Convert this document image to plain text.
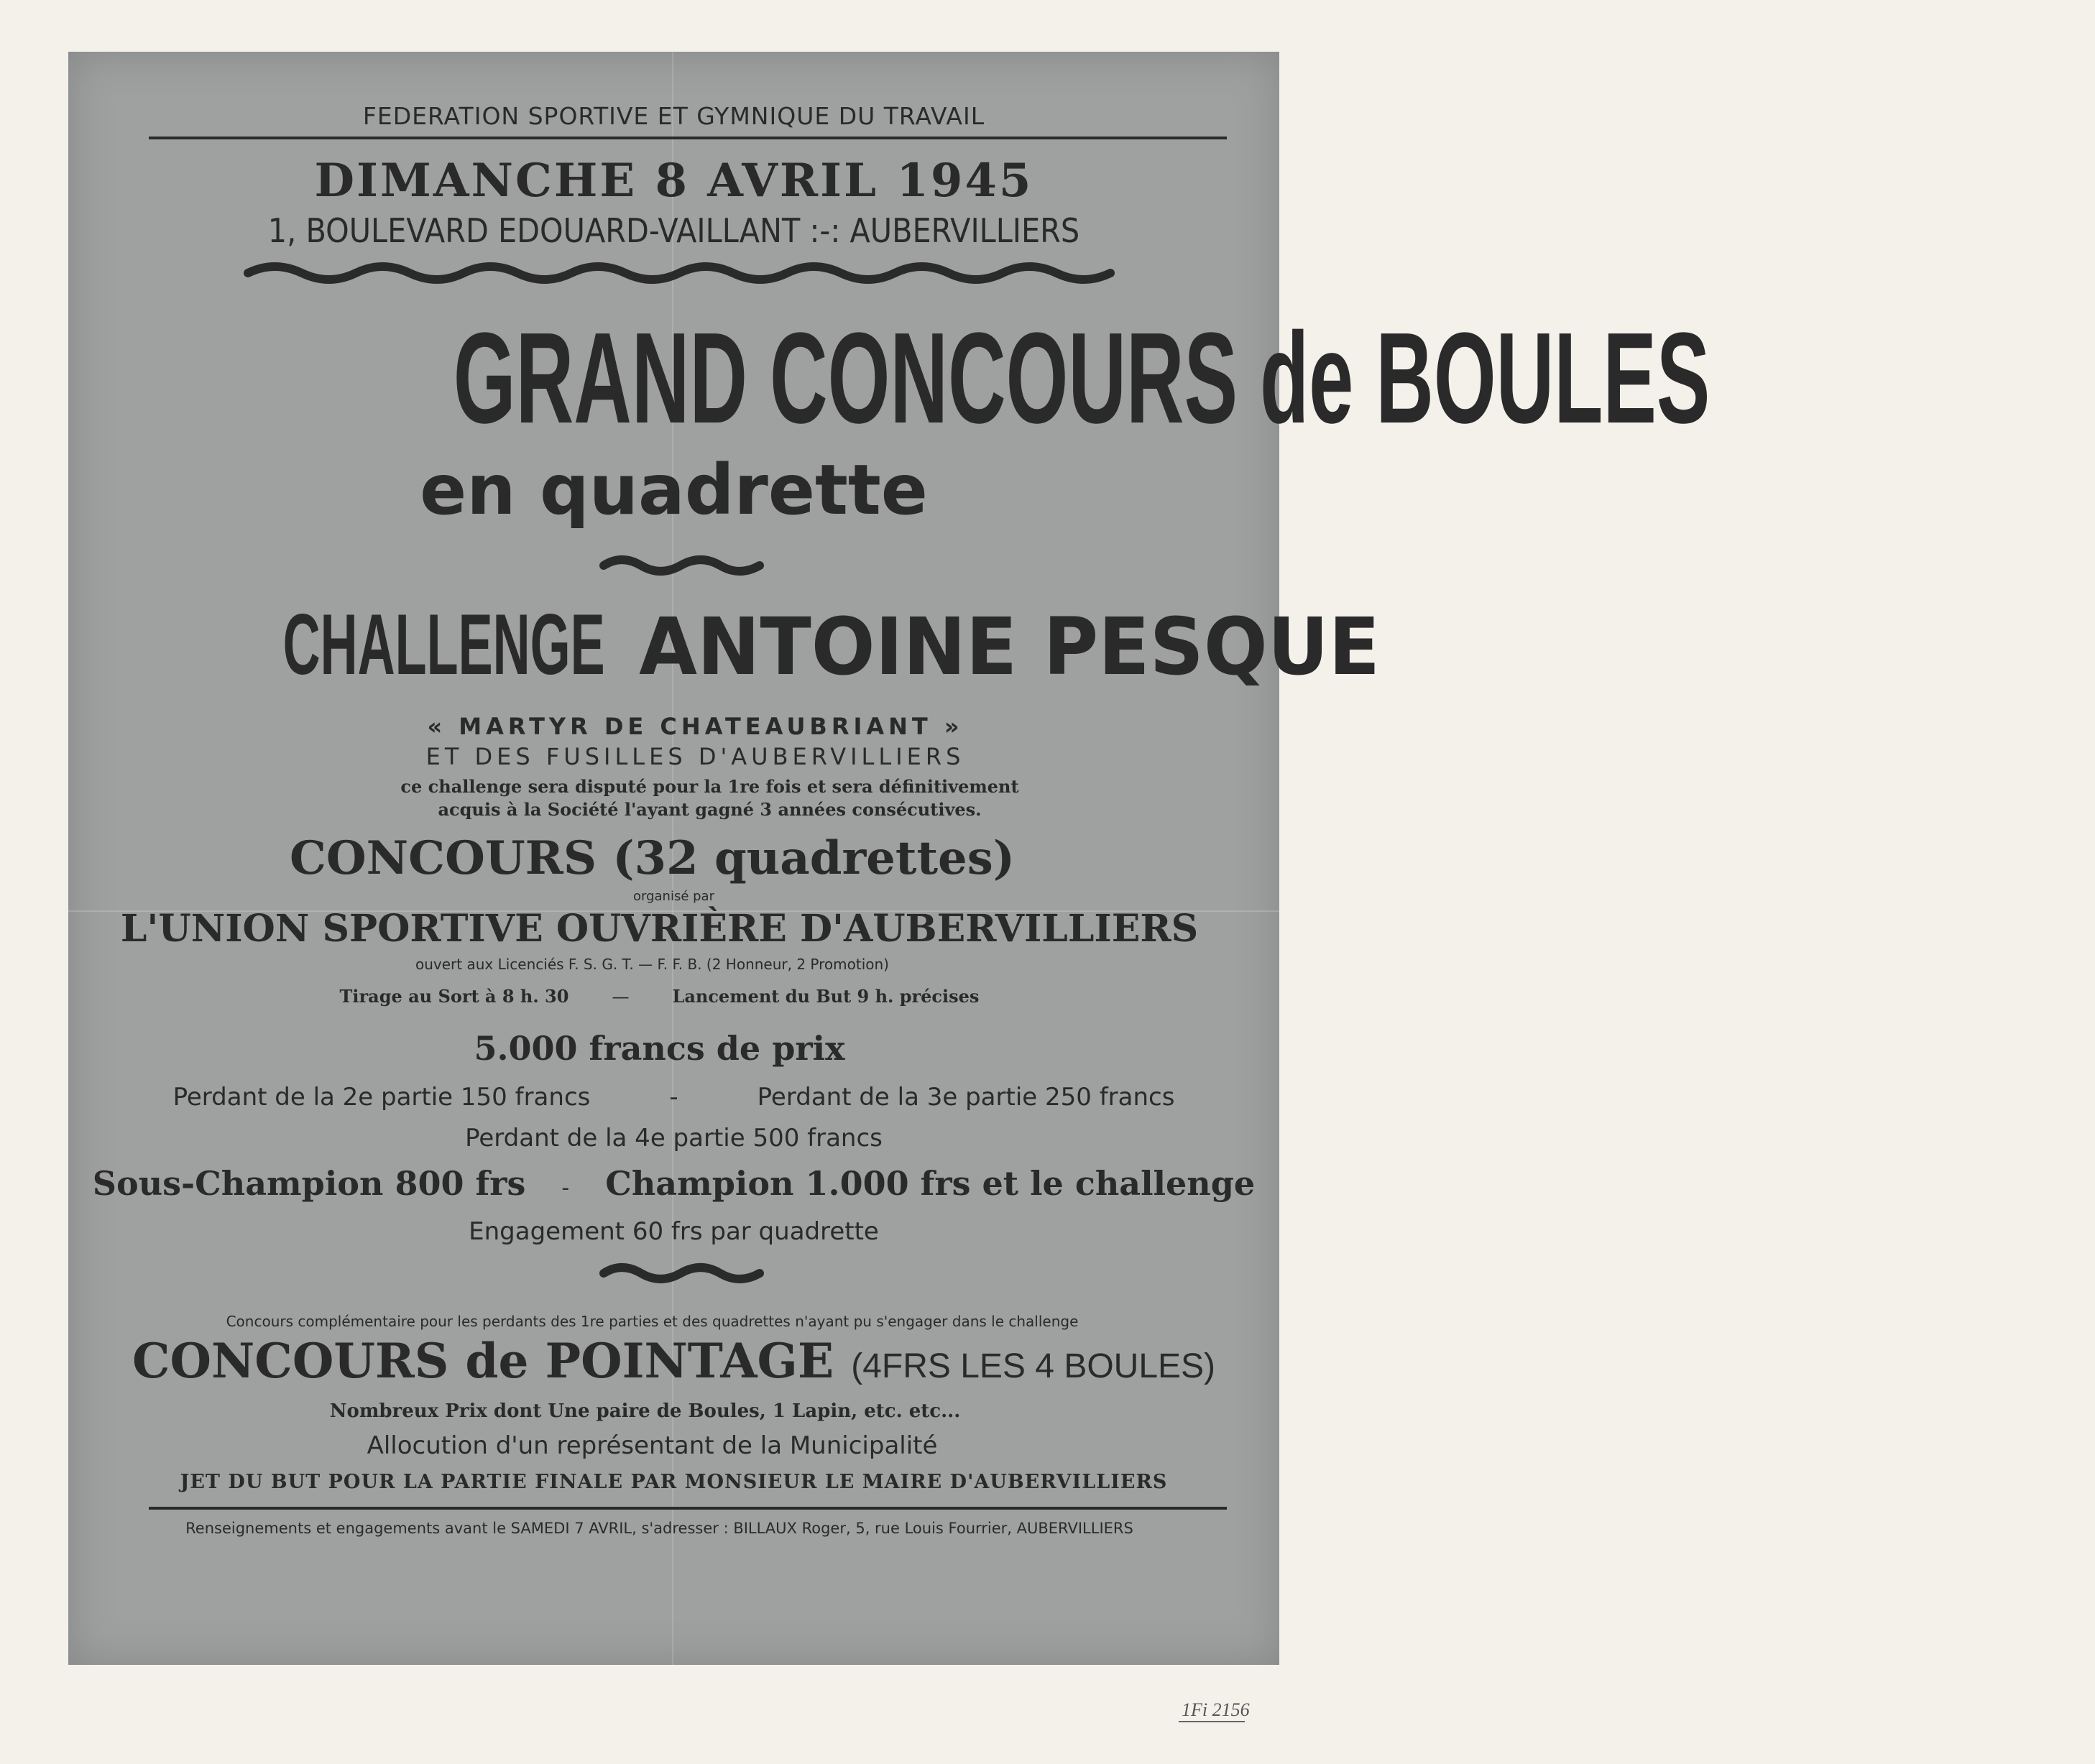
FEDERATION SPORTIVE ET GYMNIQUE DU TRAVAIL
DIMANCHE 8 AVRIL 1945
1, BOULEVARD EDOUARD-VAILLANT :-: AUBERVILLIERS
GRAND CONCOURS de BOULES
en quadrette
CHALLENGE ANTOINE PESQUE
« MARTYR DE CHATEAUBRIANT »
ET DES FUSILLES D'AUBERVILLIERS
ce challenge sera disputé pour la 1re fois et sera définitivement
acquis à la Société l'ayant gagné 3 années consécutives.
CONCOURS (32 quadrettes)
organisé par
L'UNION SPORTIVE OUVRIÈRE D'AUBERVILLIERS
ouvert aux Licenciés F. S. G. T. — F. F. B. (2 Honneur, 2 Promotion)
Tirage au Sort à 8 h. 30	—	Lancement du But 9 h. précises
5.000 francs de prix
Perdant de la 2e partie 150 francs	-	Perdant de la 3e partie 250 francs
Perdant de la 4e partie 500 francs
Sous-Champion 800 frs - Champion 1.000 frs et le challenge
Engagement 60 frs par quadrette
Concours complémentaire pour les perdants des 1re parties et des quadrettes n'ayant pu s'engager dans le challenge
CONCOURS de POINTAGE (4FRS LES 4 BOULES)
Nombreux Prix dont Une paire de Boules, 1 Lapin, etc. etc...
Allocution d'un représentant de la Municipalité
JET DU BUT POUR LA PARTIE FINALE PAR MONSIEUR LE MAIRE D'AUBERVILLIERS
Renseignements et engagements avant le SAMEDI 7 AVRIL, s'adresser : BILLAUX Roger, 5, rue Louis Fourrier, AUBERVILLIERS
1Fi 2156
